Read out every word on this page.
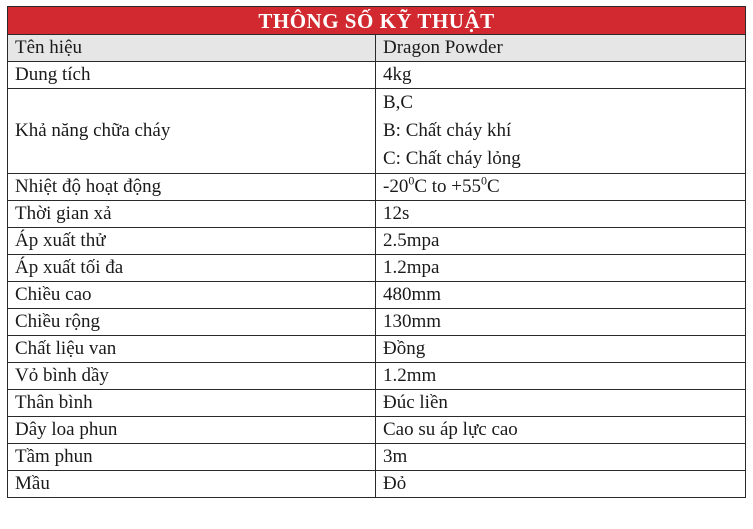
THÔNG SỐ KỸ THUẬT	
Tên hiệu	Dragon Powder
Dung tích	4kg
Khả năng chữa cháy	B,C
B: Chất cháy khí
C: Chất cháy lỏng

Nhiệt độ hoạt động	$-20^0C$ to $+55^0C$
Thời gian xả	12s
Áp xuất thử	2.5mpa
Áp xuất tối đa	1.2mpa
Chiều cao	480mm
Chiều rộng	130mm
Chất liệu van	Đồng
Vỏ bình dầy	1.2mm
Thân bình	Đúc liền
Dây loa phun	Cao su áp lực cao
Tầm phun	3m
Mầu	Đỏ
